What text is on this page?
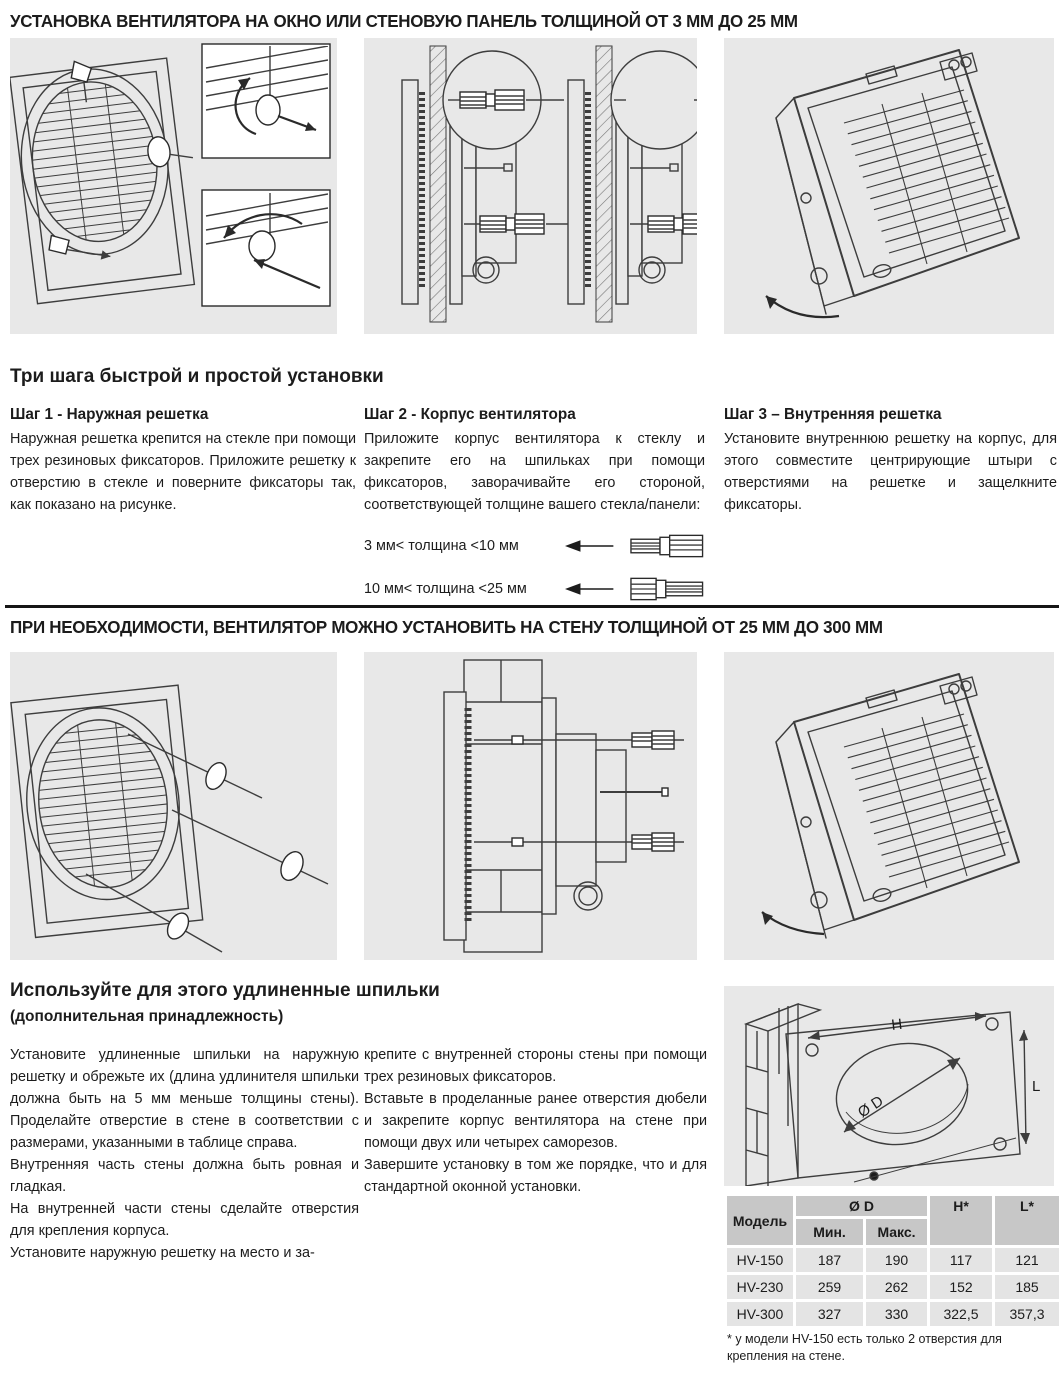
УСТАНОВКА ВЕНТИЛЯТОРА НА ОКНО ИЛИ СТЕНОВУЮ ПАНЕЛЬ ТОЛЩИНОЙ ОТ 3 ММ ДО 25 ММ
Три шага быстрой и простой установки

Шаг 1 - Наружная решетка

Наружная решетка крепится на стекле при помощи трех резиновых фиксаторов. Приложите решетку к отверстию в стекле и поверните фиксаторы так, как показано на рисунке.

Шаг 2 - Корпус вентилятора

Приложите корпус вентилятора к стеклу и закрепите его на шпильках при помощи фиксаторов, заворачивайте его стороной, соответствующей толщине вашего стекла/панели:

3 мм< толщина <10 мм
10 мм< толщина <25 мм

Шаг 3 – Внутренняя решетка

Установите внутреннюю решетку на корпус, для этого совместите центрирующие штыри с отверстиями на решетке и защелкните фиксаторы.

ПРИ НЕОБХОДИМОСТИ, ВЕНТИЛЯТОР МОЖНО УСТАНОВИТЬ НА СТЕНУ ТОЛЩИНОЙ ОТ 25 ММ ДО 300 ММ
Используйте для этого удлиненные шпильки
(дополнительная принадлежность)

Установите удлиненные шпильки на наружную решетку и обрежьте их (длина удлинителя шпильки должна быть на 5 мм меньше толщины стены). Проделайте отверстие в стене в соответствии с размерами, указанными в таблице справа.

Внутренняя часть стены должна быть ровная и гладкая.

На внутренней части стены сделайте отверстия для крепления корпуса.

Установите наружную решетку на место и за-

крепите с внутренней стороны стены при помощи трех резиновых фиксаторов.

Вставьте в проделанные ранее отверстия дюбели и закрепите корпус вентилятора на стене при помощи двух или четырех саморезов.

Завершите установку в том же порядке, что и для стандартной оконной установки.

H
L
Ø D
Модель
Ø D	H*	L*
Мин.	Макс.
HV-150	187	190	117	121
HV-230	259	262	152	185
HV-300	327	330	322,5	357,3
* у модели HV-150 есть только 2 отверстия для крепления на стене.
